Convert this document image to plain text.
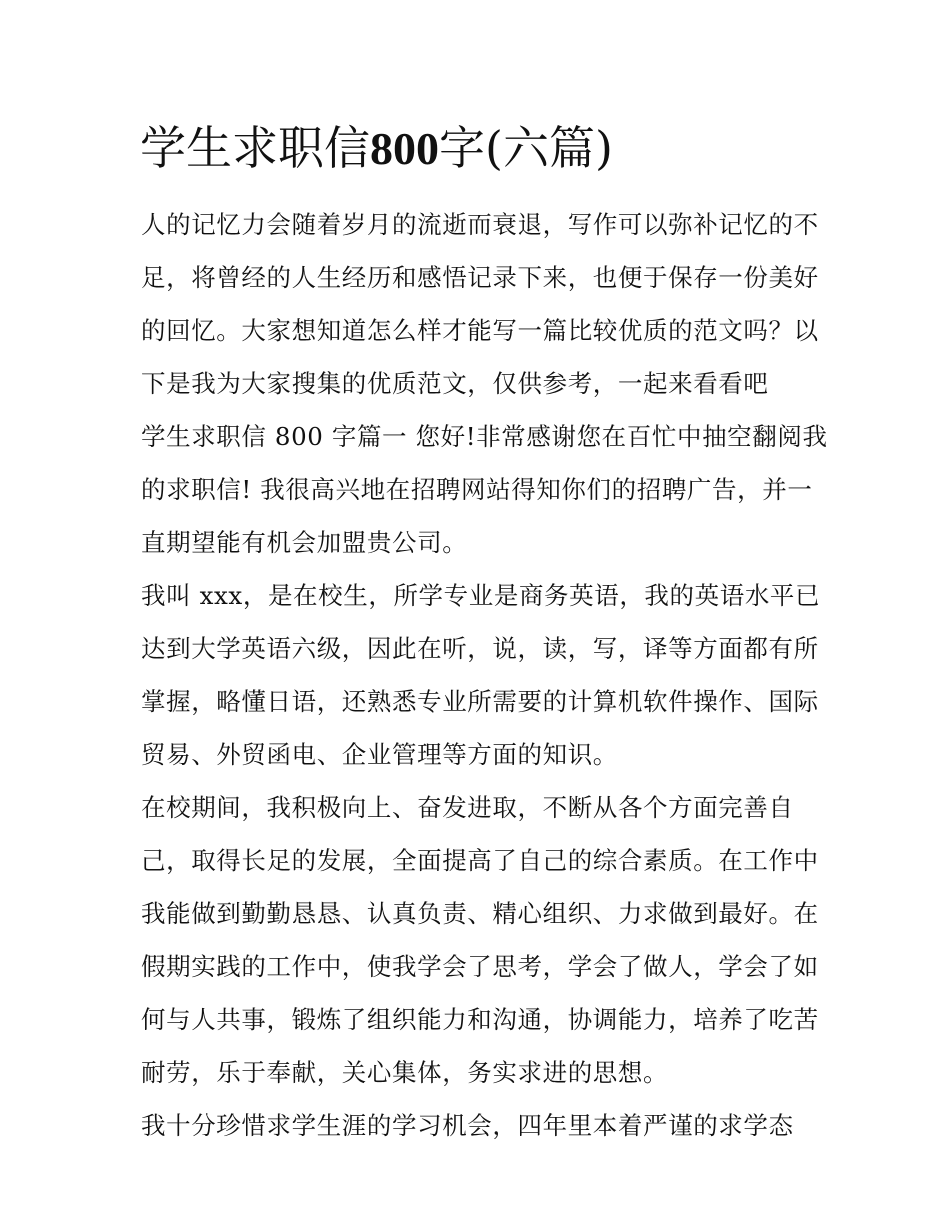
学生求职信800字(六篇)
人的记忆力会随着岁月的流逝而衰退，写作可以弥补记忆的不
足，将曾经的人生经历和感悟记录下来，也便于保存一份美好
的回忆。大家想知道怎么样才能写一篇比较优质的范文吗？以
下是我为大家搜集的优质范文，仅供参考，一起来看看吧
学生求职信 800 字篇一 您好!非常感谢您在百忙中抽空翻阅我
的求职信! 我很高兴地在招聘网站得知你们的招聘广告，并一
直期望能有机会加盟贵公司。
我叫 xxx，是在校生，所学专业是商务英语，我的英语水平已
达到大学英语六级，因此在听，说，读，写，译等方面都有所
掌握，略懂日语，还熟悉专业所需要的计算机软件操作、国际
贸易、外贸函电、企业管理等方面的知识。
在校期间，我积极向上、奋发进取，不断从各个方面完善自
己，取得长足的发展，全面提高了自己的综合素质。在工作中
我能做到勤勤恳恳、认真负责、精心组织、力求做到最好。在
假期实践的工作中，使我学会了思考，学会了做人，学会了如
何与人共事，锻炼了组织能力和沟通，协调能力，培养了吃苦
耐劳，乐于奉献，关心集体，务实求进的思想。
我十分珍惜求学生涯的学习机会，四年里本着严谨的求学态
